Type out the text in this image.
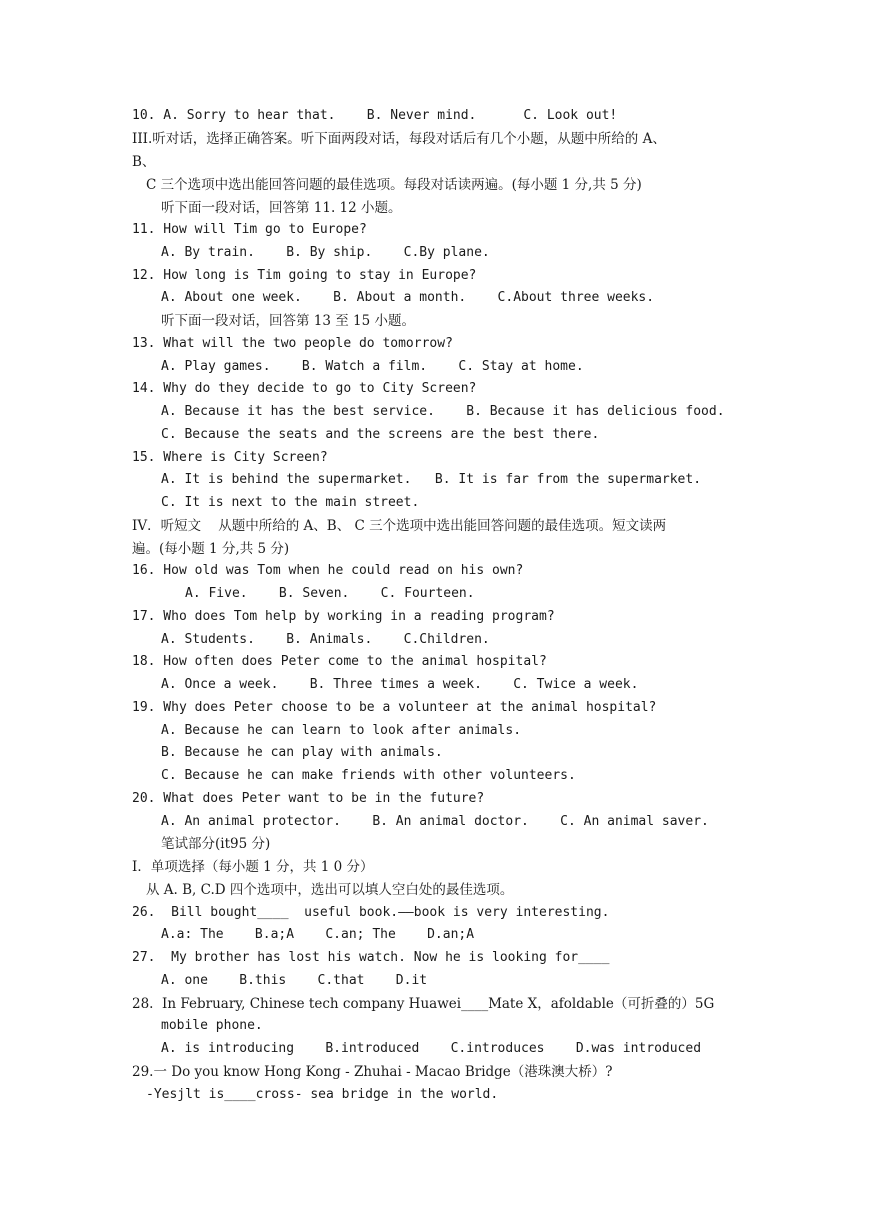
10. A. Sorry to hear that.    B. Never mind.      C. Look out!
III.听对话，选择正确答案。听下面两段对话，每段对话后有几个小题，从题中所给的 A、
B、
C 三个选项中选出能回答问题的最佳选项。每段对话读两遍。(每小题 1 分,共 5 分)
听下面一段对话，回答第 11. 12 小题。
11. How will Tim go to Europe?
A. By train.    B. By ship.    C.By plane.
12. How long is Tim going to stay in Europe?
A. About one week.    B. About a month.    C.About three weeks.
听下面一段对话，回答第 13 至 15 小题。
13. What will the two people do tomorrow?
A. Play games.    B. Watch a film.    C. Stay at home.
14. Why do they decide to go to City Screen?
A. Because it has the best service.    B. Because it has delicious food.
C. Because the seats and the screens are the best there.
15. Where is City Screen?
A. It is behind the supermarket.   B. It is far from the supermarket.
C. It is next to the main street.
IV．听短文    从题中所给的 A、B、 C 三个选项中选出能回答问题的最佳选项。短文读两
遍。(每小题 1 分,共 5 分)
16. How old was Tom when he could read on his own?
A. Five.    B. Seven.    C. Fourteen.
17. Who does Tom help by working in a reading program?
A. Students.    B. Animals.    C.Children.
18. How often does Peter come to the animal hospital?
A. Once a week.    B. Three times a week.    C. Twice a week.
19. Why does Peter choose to be a volunteer at the animal hospital?
A. Because he can learn to look after animals.
B. Because he can play with animals.
C. Because he can make friends with other volunteers.
20. What does Peter want to be in the future?
A. An animal protector.    B. An animal doctor.    C. An animal saver.
笔试部分(it95 分)
I．单项选择（每小题 1 分，共 1 0 分）
从 A. B, C.D 四个选项中，选出可以填人空白处的晸佳选项。
26.  Bill bought____  useful book.——book is very interesting.
A.a: The    B.a;A    C.an; The    D.an;A
27.  My brother has lost his watch. Now he is looking for____
A. one    B.this    C.that    D.it
28.  In February, Chinese tech company Huawei____Mate X，afoldable（可折叠的）5G
mobile phone.
A. is introducing    B.introduced    C.introduces    D.was introduced
29.一 Do you know Hong Kong - Zhuhai - Macao Bridge（港珠澳大桥）?
-Yesjlt is____cross- sea bridge in the world.
